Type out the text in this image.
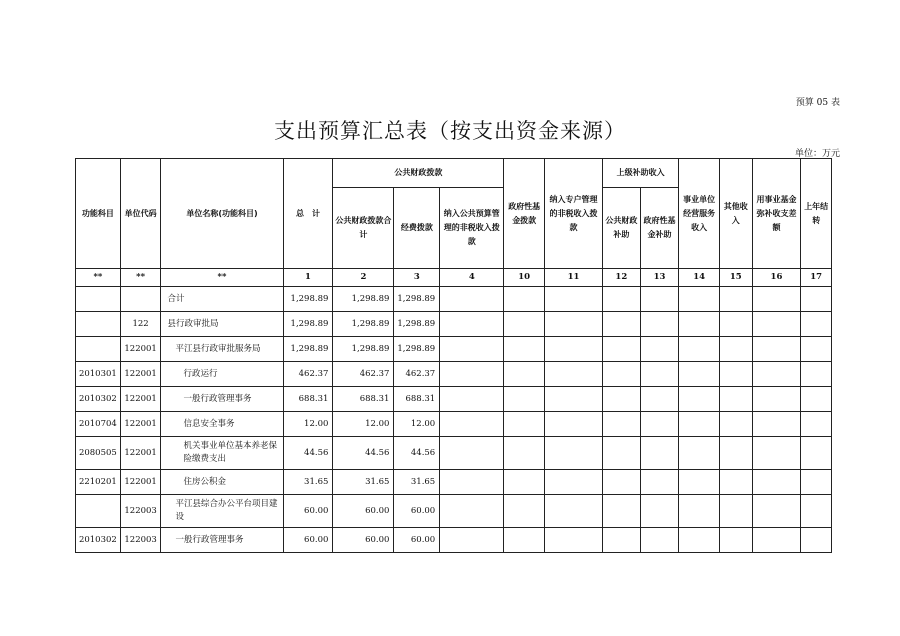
预算 05 表
支出预算汇总表（按支出资金来源）
单位：万元
功能科目	单位代码	单位名称(功能科目)	总　计	公共财政拨款			政府性基金拨款	纳入专户管理的非税收入拨款	上级补助收入		事业单位经营服务收入	其他收入	用事业基金弥补收支差额	上年结转
				公共财政拨款合计	经费拨款	纳入公共预算管理的非税收入拨款			公共财政补助	政府性基金补助				
**	**	**	1	2	3	4	10	11	12	13	14	15	16	17
		合计	1,298.89	1,298.89	1,298.89									
	122	县行政审批局	1,298.89	1,298.89	1,298.89									
	122001	平江县行政审批服务局	1,298.89	1,298.89	1,298.89									
2010301	122001	行政运行	462.37	462.37	462.37									
2010302	122001	一般行政管理事务	688.31	688.31	688.31									
2010704	122001	信息安全事务	12.00	12.00	12.00									
2080505	122001	机关事业单位基本养老保险缴费支出	44.56	44.56	44.56									
2210201	122001	住房公积金	31.65	31.65	31.65									
	122003	平江县综合办公平台项目建设	60.00	60.00	60.00									
2010302	122003	一般行政管理事务	60.00	60.00	60.00									
